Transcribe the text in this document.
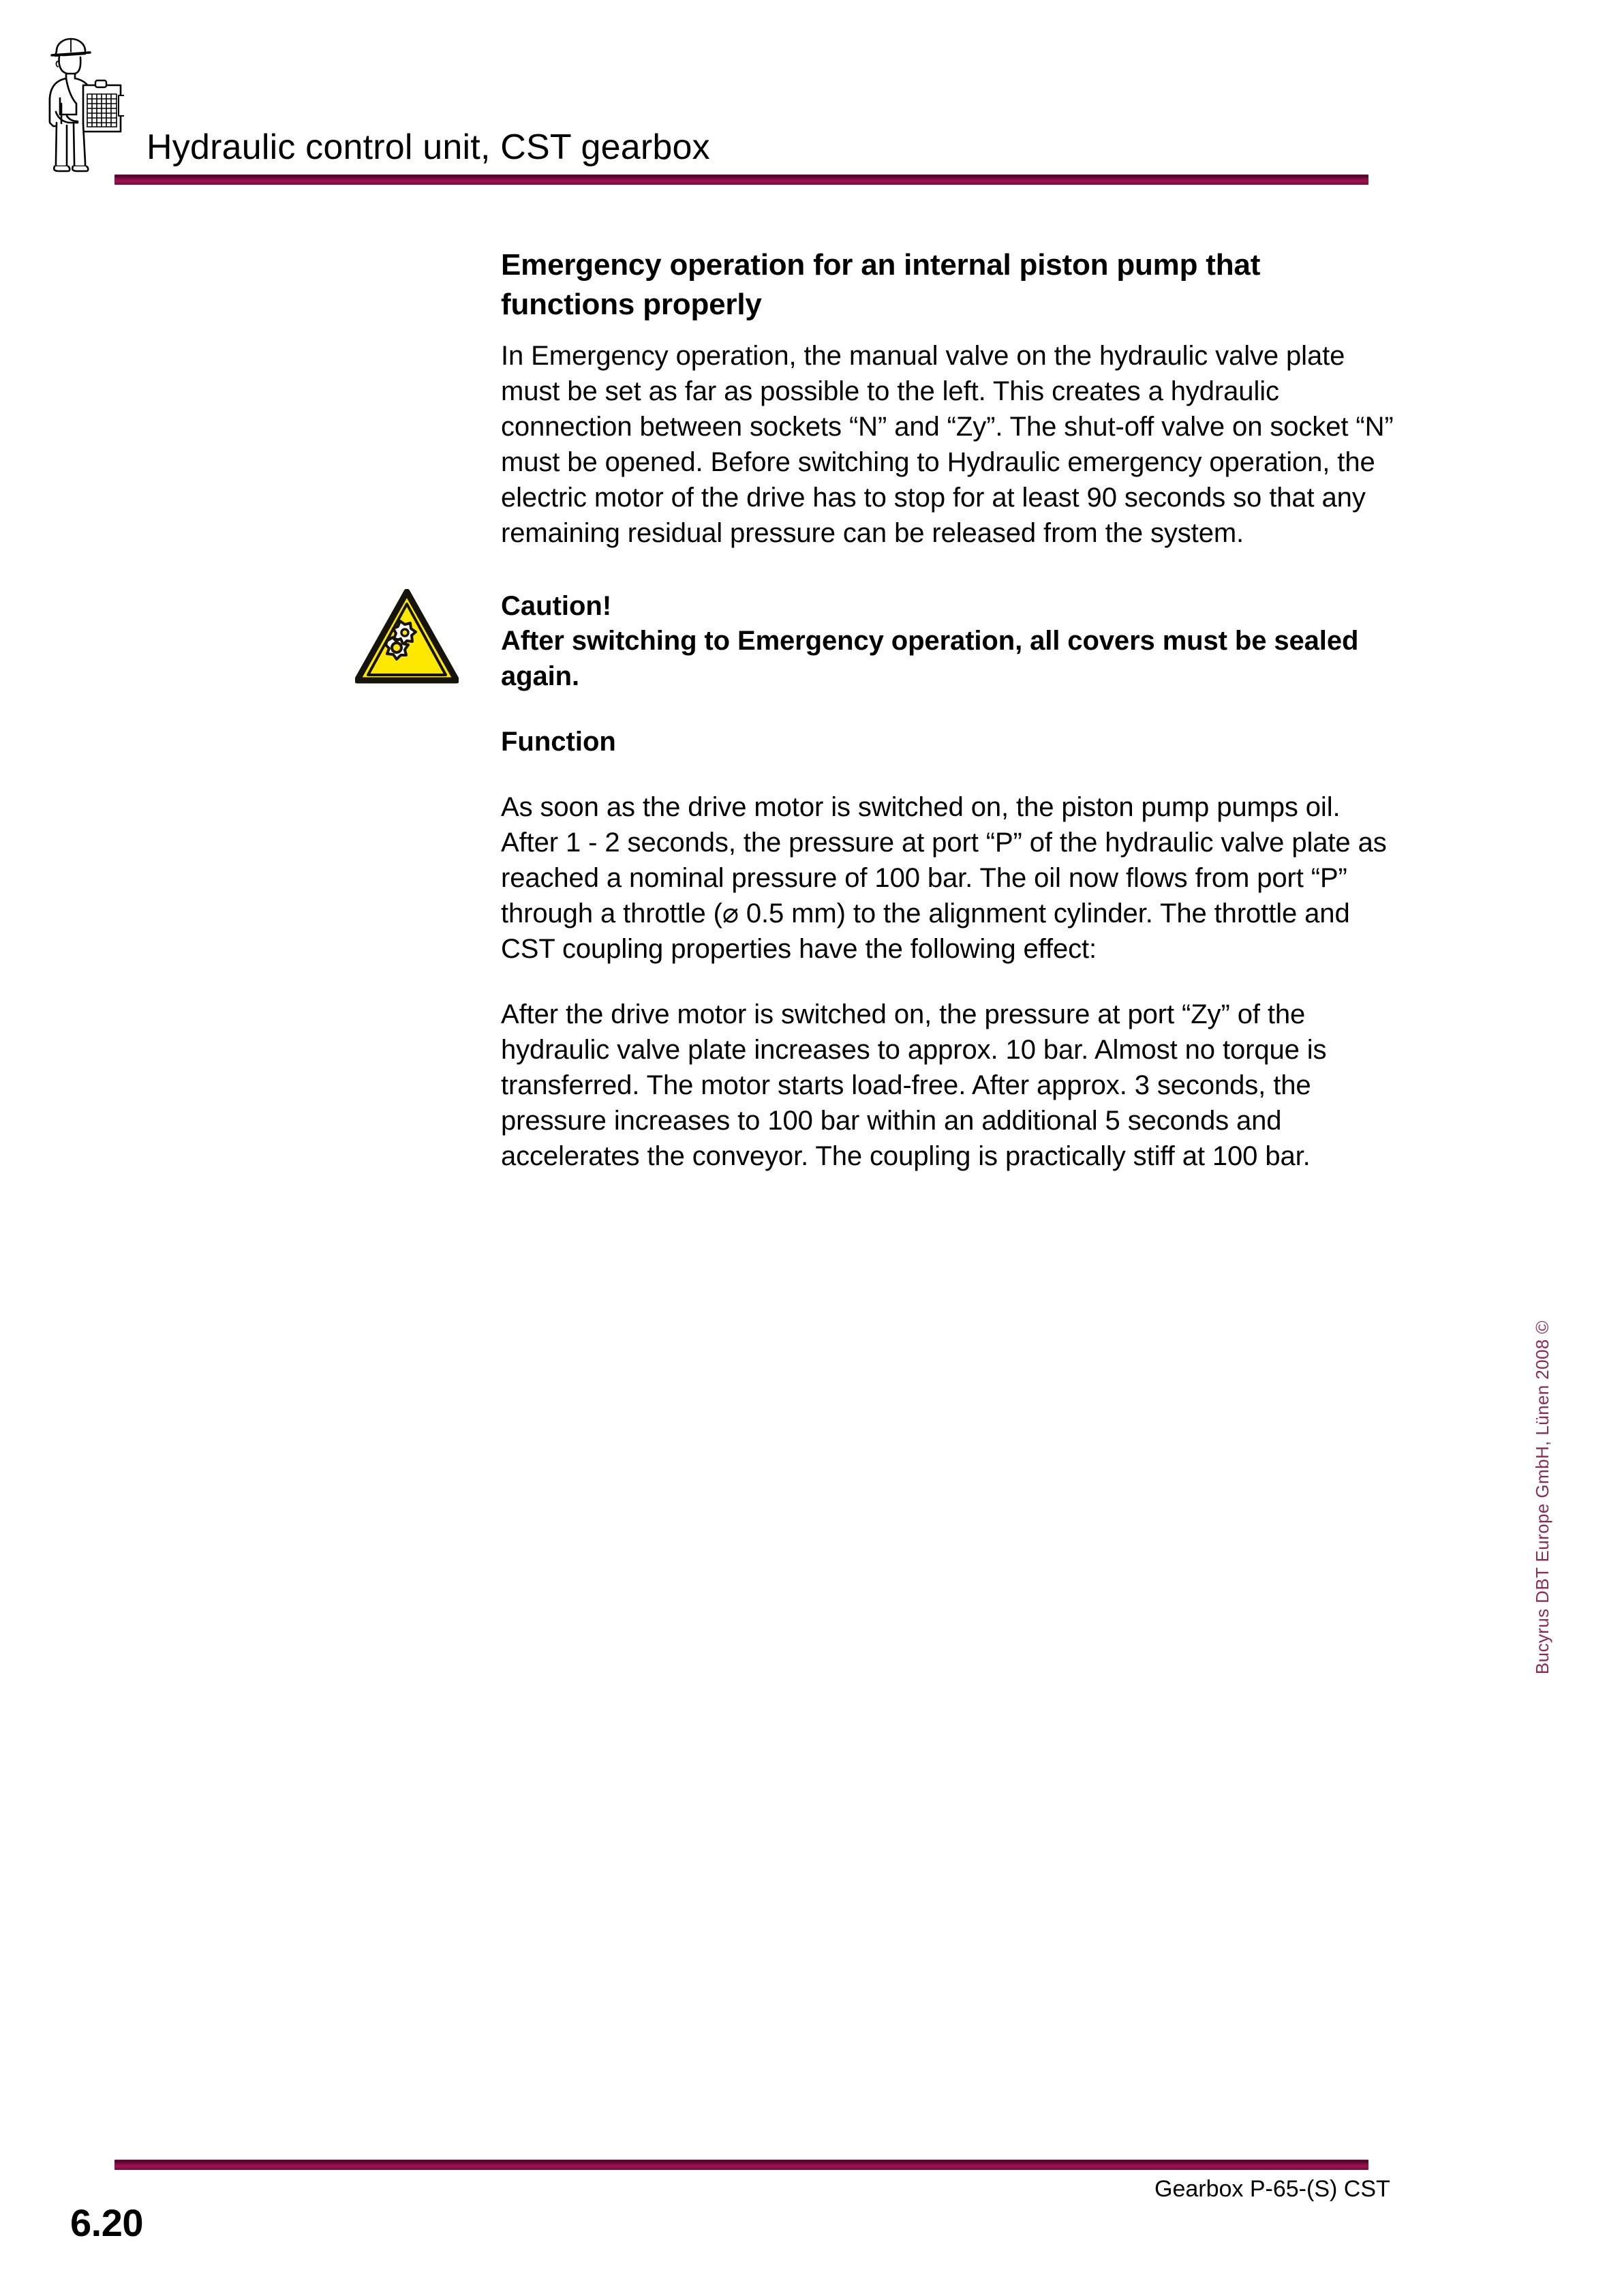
Hydraulic control unit, CST gearbox
Emergency operation for an internal piston pump that functions properly

In Emergency operation, the manual valve on the hydraulic valve plate must be set as far as possible to the left. This creates a hydraulic connection between sockets “N” and “Zy”. The shut-off valve on socket “N” must be opened. Before switching to Hydraulic emergency operation, the electric motor of the drive has to stop for at least 90 seconds so that any remaining residual pressure can be released from the system.

Caution!

After switching to Emergency operation, all covers must be sealed again.

Function

As soon as the drive motor is switched on, the piston pump pumps oil. After 1 - 2 seconds, the pressure at port “P” of the hydraulic valve plate as reached a nominal pressure of 100 bar. The oil now flows from port “P” through a throttle (⌀ 0.5 mm) to the alignment cylinder. The throttle and CST coupling properties have the following effect:

After the drive motor is switched on, the pressure at port “Zy” of the hydraulic valve plate increases to approx. 10 bar. Almost no torque is transferred. The motor starts load-free. After approx. 3 seconds, the pressure increases to 100 bar within an additional 5 seconds and accelerates the conveyor. The coupling is practically stiff at 100 bar.

Bucyrus DBT Europe GmbH, Lünen 2008 ©
6.20
Gearbox P-65-(S) CST
